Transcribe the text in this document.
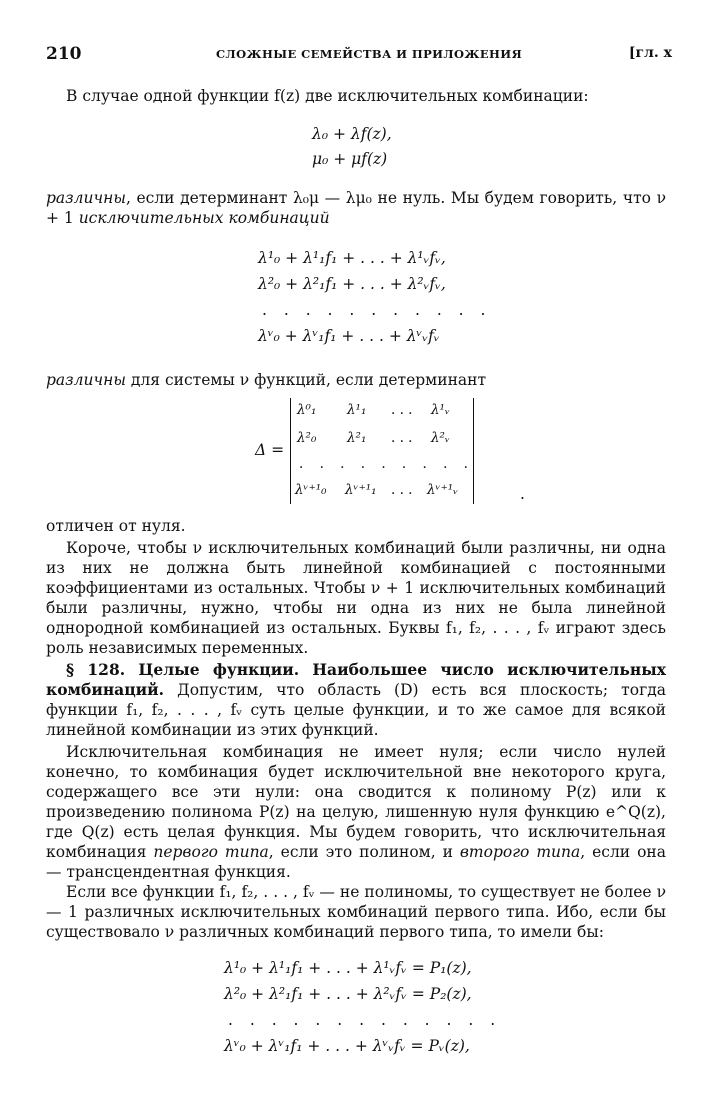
210	СЛОЖНЫЕ СЕМЕЙСТВА И ПРИЛОЖЕНИЯ	[гл. x
В случае одной функции f(z) две исключительных комбинации:
λ₀ + λf(z),
μ₀ + μf(z)
различны, если детерминант λ₀μ — λμ₀ не нуль. Мы будем говорить, что ν + 1 исключительных комбинаций
λ¹₀ + λ¹₁f₁ + . . . + λ¹ᵥfᵥ,
λ²₀ + λ²₁f₁ + . . . + λ²ᵥfᵥ,
. . . . . . . . . . .
λᵛ₀ + λᵛ₁f₁ + . . . + λᵛᵥfᵥ
различны для системы ν функций, если детерминант
Δ =
λ⁰₁ λ¹₁ . . . λ¹ᵥ
λ²₀ λ²₁ . . . λ²ᵥ
. . . . . . . . .
λᵛ⁺¹₀ λᵛ⁺¹₁ . . . λᵛ⁺¹ᵥ	.
отличен от нуля.
Короче, чтобы ν исключительных комбинаций были различны, ни одна из них не должна быть линейной комбинацией с постоянными коэффициентами из остальных. Чтобы ν + 1 исключительных комбинаций были различны, нужно, чтобы ни одна из них не была линейной однородной комбинацией из остальных. Буквы f₁, f₂, . . . , fᵥ играют здесь роль независимых переменных.
§ 128. Целые функции. Наибольшее число исключительных комбинаций. Допустим, что область (D) есть вся плоскость; тогда функции f₁, f₂, . . . , fᵥ суть целые функции, и то же самое для всякой линейной комбинации из этих функций.
Исключительная комбинация не имеет нуля; если число нулей конечно, то комбинация будет исключительной вне некоторого круга, содержащего все эти нули: она сводится к полиному P(z) или к произведению полинома P(z) на целую, лишенную нуля функцию e^Q(z), где Q(z) есть целая функция. Мы будем говорить, что исключительная комбинация первого типа, если это полином, и второго типа, если она — трансцендентная функция.
Если все функции f₁, f₂, . . . , fᵥ — не полиномы, то существует не более ν — 1 различных исключительных комбинаций первого типа. Ибо, если бы существовало ν различных комбинаций первого типа, то имели бы:
λ¹₀ + λ¹₁f₁ + . . . + λ¹ᵥfᵥ = P₁(z),
λ²₀ + λ²₁f₁ + . . . + λ²ᵥfᵥ = P₂(z),
. . . . . . . . . . . . .
λᵛ₀ + λᵛ₁f₁ + . . . + λᵛᵥfᵥ = Pᵥ(z),
